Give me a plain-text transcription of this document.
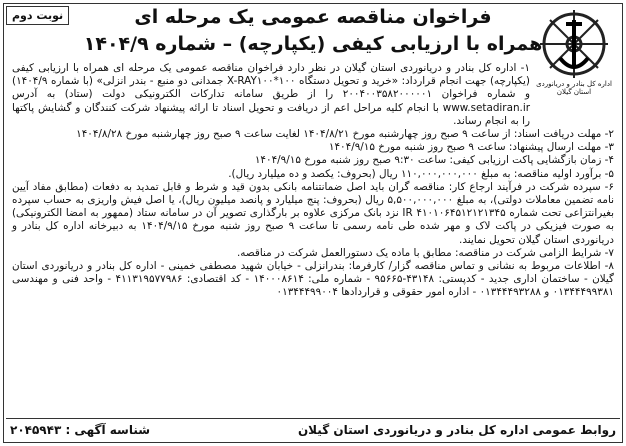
نوبت دوم
اداره کل بنادر و دریانوردی استان گیلان
فراخوان مناقصه عمومی یک مرحله ای
همراه با ارزیابی کیفی (یکپارچه) – شماره ۱۴۰۴/۹

۱- اداره کل بنادر و دریانوردی استان گیلان در نظر دارد فراخوان مناقصه عمومی یک مرحله ای همراه با ارزیابی کیفی (یکپارچه) جهت انجام قرارداد: «خرید و تحویل دستگاه X-RAY۱۰۰*۱۰۰ جمدانی دو منبع - بندر انزلی» (با شماره ۱۴۰۴/۹) و شماره فراخوان ۲۰۰۴۰۰۳۵۸۲۰۰۰۰۰۱ را از طریق سامانه تدارکات الکترونیکی دولت (ستاد) به آدرس www.setadiran.ir با انجام کلیه مراحل اعم از دریافت و تحویل اسناد تا ارائه پیشنهاد شرکت کنندگان و گشایش پاکتها را به انجام رساند.

۲- مهلت دریافت اسناد: از ساعت ۹ صبح روز چهارشنبه مورخ ۱۴۰۴/۸/۲۱ لغایت ساعت ۹ صبح روز چهارشنبه مورخ ۱۴۰۴/۸/۲۸

۳- مهلت ارسال پیشنهاد: ساعت ۹ صبح روز شنبه مورخ ۱۴۰۴/۹/۱۵

۴- زمان بازگشایی پاکت ارزیابی کیفی: ساعت ۹:۳۰ صبح روز شنبه مورخ ۱۴۰۴/۹/۱۵

۵- برآورد اولیه مناقصه: به مبلغ ۱۱۰,۰۰۰,۰۰۰,۰۰۰ ریال (بحروف: یکصد و ده میلیارد ریال).

۶- سپرده شرکت در فرآیند ارجاع کار: مناقصه گران باید اصل ضمانتنامه بانکی بدون قید و شرط و قابل تمدید به دفعات (مطابق مفاد آیین نامه تضمین معاملات دولتی)، به مبلغ ۵,۵۰۰,۰۰۰,۰۰۰ ریال (بحروف: پنج میلیارد و پانصد میلیون ریال)، یا اصل فیش واریزی به حساب سپرده بغیرانتزاعی تحت شماره ۴۱۰۱۰۶۴۵۱۲۱۲۱۳۴۵ IR نزد بانک مرکزی علاوه بر بارگذاری تصویر آن در سامانه ستاد (ممهور به امضا الکترونیکی) به صورت فیزیکی در پاکت لاک و مهر شده طی نامه رسمی تا ساعت ۹ صبح روز شنبه مورخ ۱۴۰۴/۹/۱۵ به دبیرخانه اداره کل بنادر و دریانوردی استان گیلان تحویل نمایند.

۷- شرایط الزامی شرکت در مناقصه: مطابق با ماده یک دستورالعمل شرکت در مناقصه.

۸- اطلاعات مربوط به نشانی و تماس مناقصه گزار/ کارفرما: بندرانزلی - خیابان شهید مصطفی خمینی - اداره کل بنادر و دریانوردی استان گیلان - ساختمان اداری جدید - کدپستی: ۴۳۱۴۸-۹۵۶۶۵ - شماره ملی: ۱۴۰۰۰۸۶۱۴ - کد اقتصادی: ۴۱۱۳۱۹۵۷۷۹۸۶ - واحد فنی و مهندسی ۰۱۳۴۴۴۹۹۳۸۱ و ۰۱۳۴۴۴۹۳۲۸۸ - اداره امور حقوقی و قراردادها ۰۱۳۴۴۴۹۹۰۰۴

روابط عمومی اداره کل بنادر و دریانوردی استان گیلان
شناسه آگهی : ۲۰۴۵۹۴۳
